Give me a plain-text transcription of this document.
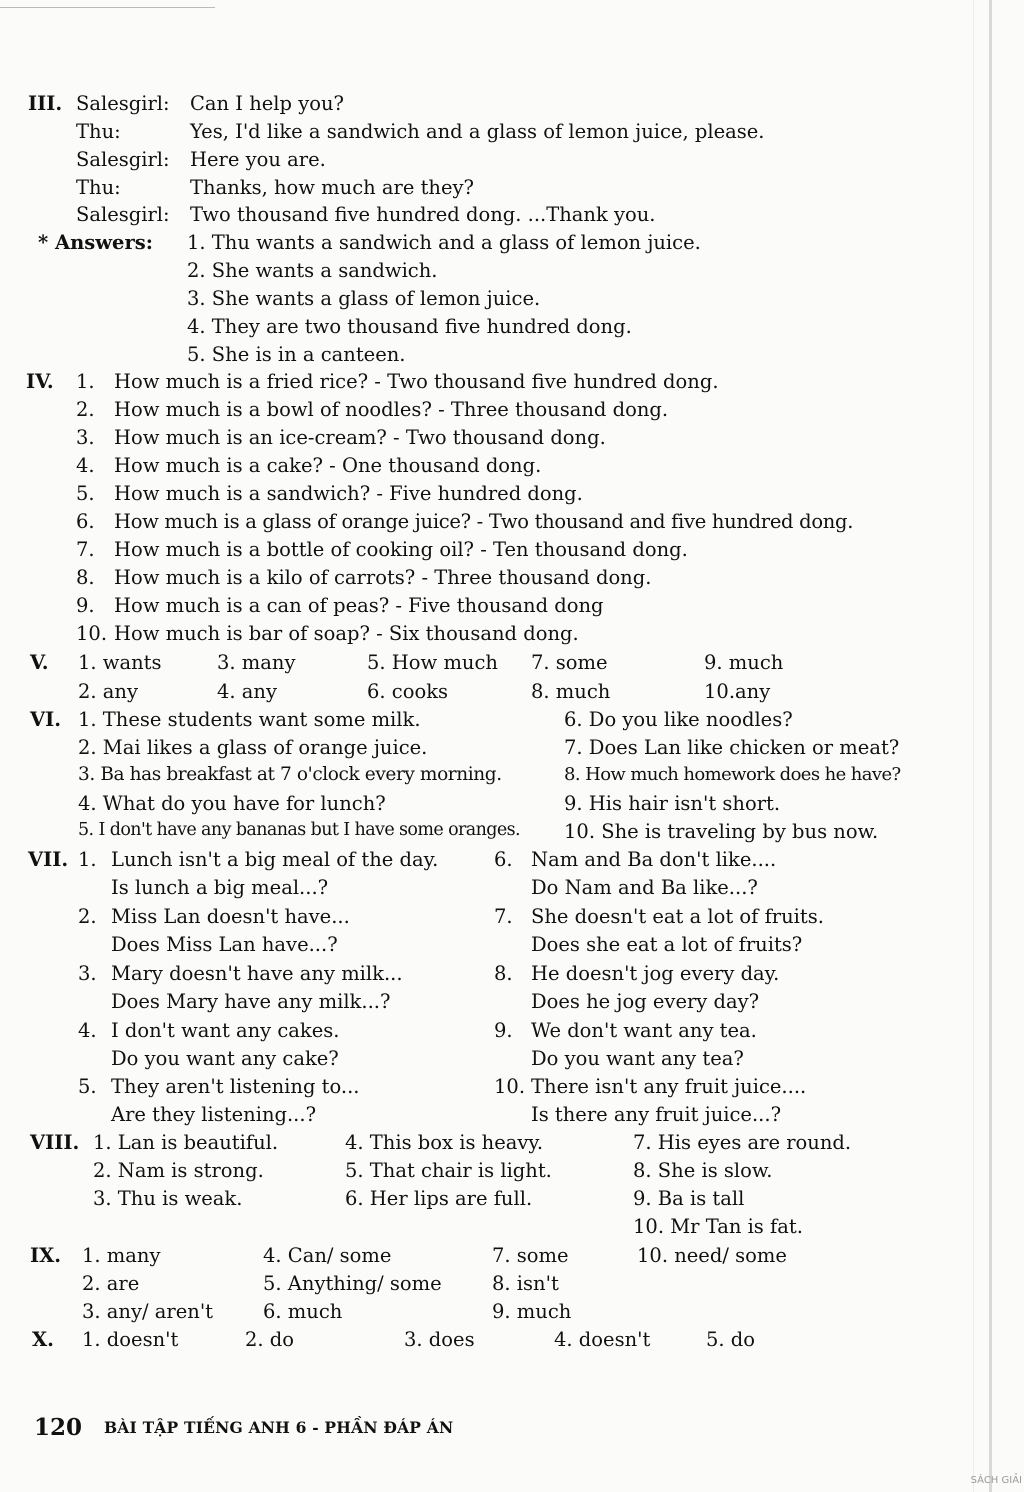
III. Salesgirl: Can I help you?
Thu:	Yes, I'd like a sandwich and a glass of lemon juice, please.
Salesgirl: Here you are.
Thu:	Thanks, how much are they?
Salesgirl: Two thousand five hundred dong. ...Thank you.
* Answers: 1. Thu wants a sandwich and a glass of lemon juice.
2. She wants a sandwich.
3. She wants a glass of lemon juice.
4. They are two thousand five hundred dong.
5. She is in a canteen.
IV. 1. How much is a fried rice? - Two thousand five hundred dong.
2. How much is a bowl of noodles? - Three thousand dong.
3. How much is an ice-cream? - Two thousand dong.
4. How much is a cake? - One thousand dong.
5. How much is a sandwich? - Five hundred dong.
6. How much is a glass of orange juice? - Two thousand and five hundred dong.
7. How much is a bottle of cooking oil? - Ten thousand dong.
8. How much is a kilo of carrots? - Three thousand dong.
9. How much is a can of peas? - Five thousand dong
10. How much is bar of soap? - Six thousand dong.
V. 1. wants	3. many	5. How much 7. some	9. much
2. any	4. any	6. cooks	8. much	10.any
VI. 1. These students want some milk.
2. Mai likes a glass of orange juice.
3. Ba has breakfast at 7 o'clock every morning.
4. What do you have for lunch?
5. I don't have any bananas but I have some oranges.
6. Do you like noodles?
7. Does Lan like chicken or meat?
8. How much homework does he have?
9. His hair isn't short.
10. She is traveling by bus now.
VII. 1. Lunch isn't a big meal of the day.
Is lunch a big meal...?
2. Miss Lan doesn't have...
Does Miss Lan have...?
3. Mary doesn't have any milk...
Does Mary have any milk...?
4. I don't want any cakes.
Do you want any cake?
5. They aren't listening to...
Are they listening...?
6. Nam and Ba don't like....
Do Nam and Ba like...?
7. She doesn't eat a lot of fruits.
Does she eat a lot of fruits?
8. He doesn't jog every day.
Does he jog every day?
9. We don't want any tea.
Do you want any tea?
10. There isn't any fruit juice....
Is there any fruit juice...?
VIII. 1. Lan is beautiful.
2. Nam is strong.
3. Thu is weak.
4. This box is heavy.
5. That chair is light.
6. Her lips are full.
7. His eyes are round.
8. She is slow.
9. Ba is tall
10. Mr Tan is fat.
IX. 1. many
2. are
3. any/ aren't
4. Can/ some
5. Anything/ some
6. much
7. some
8. isn't
9. much
10. need/ some
X. 1. doesn't	2. do	3. does	4. doesn't	5. do
120 BÀI TẬP TIẾNG ANH 6 - PHẦN ĐÁP ÁN
SÁCH GIẢI
